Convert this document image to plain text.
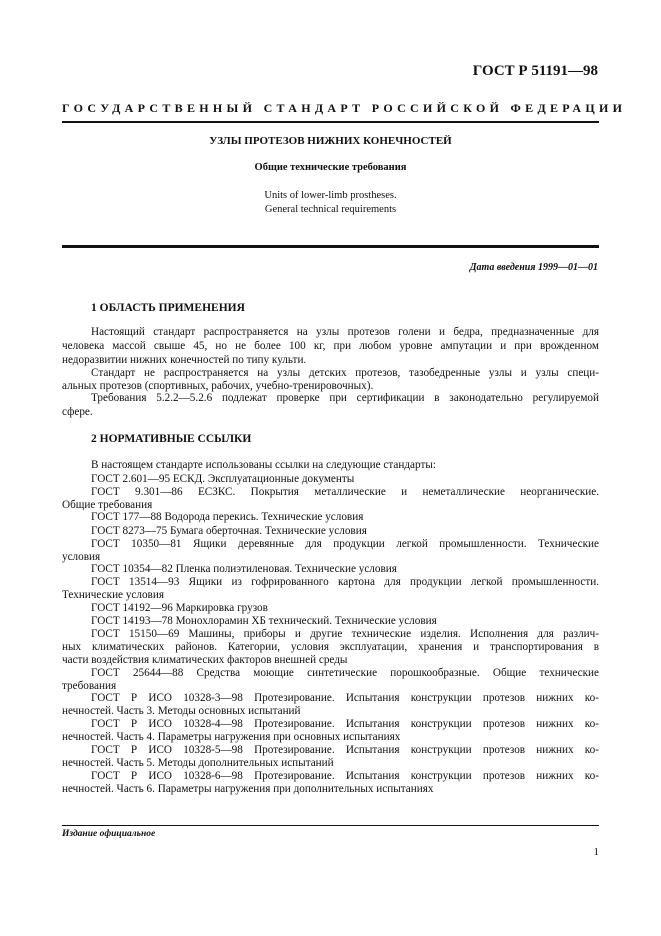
ГОСТ Р 51191—98
ГОСУДАРСТВЕННЫЙ СТАНДАРТ РОССИЙСКОЙ ФЕДЕРАЦИИ
УЗЛЫ ПРОТЕЗОВ НИЖНИХ КОНЕЧНОСТЕЙ
Общие технические требования
Units of lower-limb prostheses.
General technical requirements
Дата введения 1999—01—01
1 ОБЛАСТЬ ПРИМЕНЕНИЯ
Настоящий стандарт распространяется на узлы протезов голени и бедра, предназначенные для
человека массой свыше 45, но не более 100 кг, при любом уровне ампутации и при врожденном
недоразвитии нижних конечностей по типу культи.
Стандарт не распространяется на узлы детских протезов, тазобедренные узлы и узлы специ-
альных протезов (спортивных, рабочих, учебно-тренировочных).
Требования 5.2.2—5.2.6 подлежат проверке при сертификации в законодательно регулируемой
сфере.
2 НОРМАТИВНЫЕ ССЫЛКИ
В настоящем стандарте использованы ссылки на следующие стандарты:
ГОСТ 2.601—95 ЕСКД. Эксплуатационные документы
ГОСТ 9.301—86 ЕСЗКС. Покрытия металлические и неметаллические неорганические.
Общие требования
ГОСТ 177—88 Водорода перекись. Технические условия
ГОСТ 8273—75 Бумага оберточная. Технические условия
ГОСТ 10350—81 Ящики деревянные для продукции легкой промышленности. Технические
условия
ГОСТ 10354—82 Пленка полиэтиленовая. Технические условия
ГОСТ 13514—93 Ящики из гофрированного картона для продукции легкой промышленности.
Технические условия
ГОСТ 14192—96 Маркировка грузов
ГОСТ 14193—78 Монохлорамин ХБ технический. Технические условия
ГОСТ 15150—69 Машины, приборы и другие технические изделия. Исполнения для различ-
ных климатических районов. Категории, условия эксплуатации, хранения и транспортирования в
части воздействия климатических факторов внешней среды
ГОСТ 25644—88 Средства моющие синтетические порошкообразные. Общие технические
требования
ГОСТ Р ИСО 10328-3—98 Протезирование. Испытания конструкции протезов нижних ко-
нечностей. Часть 3. Методы основных испытаний
ГОСТ Р ИСО 10328-4—98 Протезирование. Испытания конструкции протезов нижних ко-
нечностей. Часть 4. Параметры нагружения при основных испытаниях
ГОСТ Р ИСО 10328-5—98 Протезирование. Испытания конструкции протезов нижних ко-
нечностей. Часть 5. Методы дополнительных испытаний
ГОСТ Р ИСО 10328-6—98 Протезирование. Испытания конструкции протезов нижних ко-
нечностей. Часть 6. Параметры нагружения при дополнительных испытаниях
Издание официальное
1
